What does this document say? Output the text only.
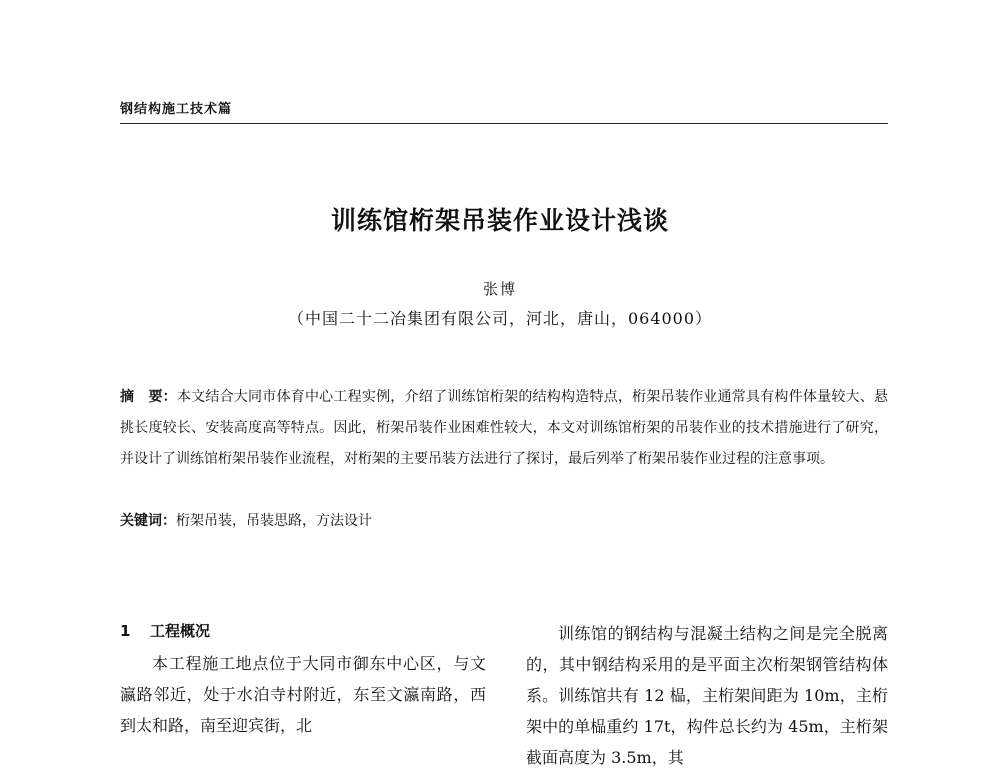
钢结构施工技术篇
训练馆桁架吊装作业设计浅谈
张博
（中国二十二冶集团有限公司，河北，唐山，064000）
摘　要：本文结合大同市体育中心工程实例，介绍了训练馆桁架的结构构造特点，桁架吊装作业通常具有构件体量较大、悬挑长度较长、安装高度高等特点。因此，桁架吊装作业困难性较大，本文对训练馆桁架的吊装作业的技术措施进行了研究，并设计了训练馆桁架吊装作业流程，对桁架的主要吊装方法进行了探讨，最后列举了桁架吊装作业过程的注意事项。
关键词：桁架吊装，吊装思路，方法设计
1 工程概况

本工程施工地点位于大同市御东中心区，与文瀛路邻近，处于水泊寺村附近，东至文瀛南路，西到太和路，南至迎宾街，北

训练馆的钢结构与混凝土结构之间是完全脱离的，其中钢结构采用的是平面主次桁架钢管结构体系。训练馆共有 12 榀，主桁架间距为 10m，主桁架中的单榀重约 17t，构件总长约为 45m，主桁架截面高度为 3.5m，其
